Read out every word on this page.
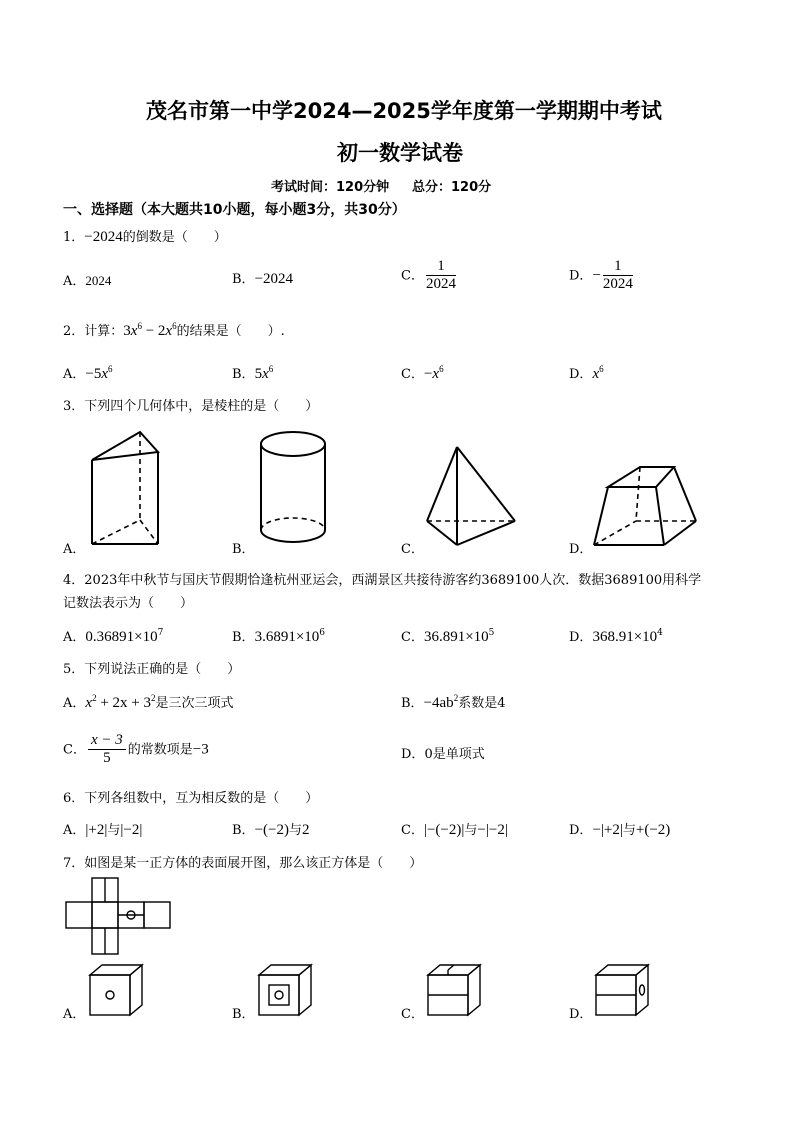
茂名市第一中学2024—2025学年度第一学期期中考试
初一数学试卷
考试时间：120分钟 总分：120分
一、选择题（本大题共10小题，每小题3分，共30分）
1．−2024的倒数是（　　）
A．2024	B．−2024	C． $\frac{1}{2024}$	D．− $\frac{1}{2024}$
2．计算：$3x^6 - 2x^6$的结果是（　　）.
A．$-5x^6$	B．$5x^6$	C．$-x^6$	D．$x^6$
3．下列四个几何体中，是棱柱的是（　　）
A．	B．	C．	D．
4．2023年中秋节与国庆节假期恰逢杭州亚运会，西湖景区共接待游客约3689100人次．数据3689100用科学
记数法表示为（　　）
A．$0.36891\times 10^7$	B．$3.6891\times 10^6$	C．$36.891\times 10^5$	D．$368.91\times 10^4$
5．下列说法正确的是（　　）
A．$x^2 + 2x + 3^2$是三次三项式	B．$-4ab^2$系数是4
C． $\frac{x - 3}{5}$ 的常数项是−3	D．0是单项式
6．下列各组数中，互为相反数的是（　　）
A．|+2|与|−2|	B．−(−2)与2	C．|−(−2)|与−|−2|	D．−|+2|与+(−2)
7．如图是某一正方体的表面展开图，那么该正方体是（　　）
A．	B．	C．	D．
